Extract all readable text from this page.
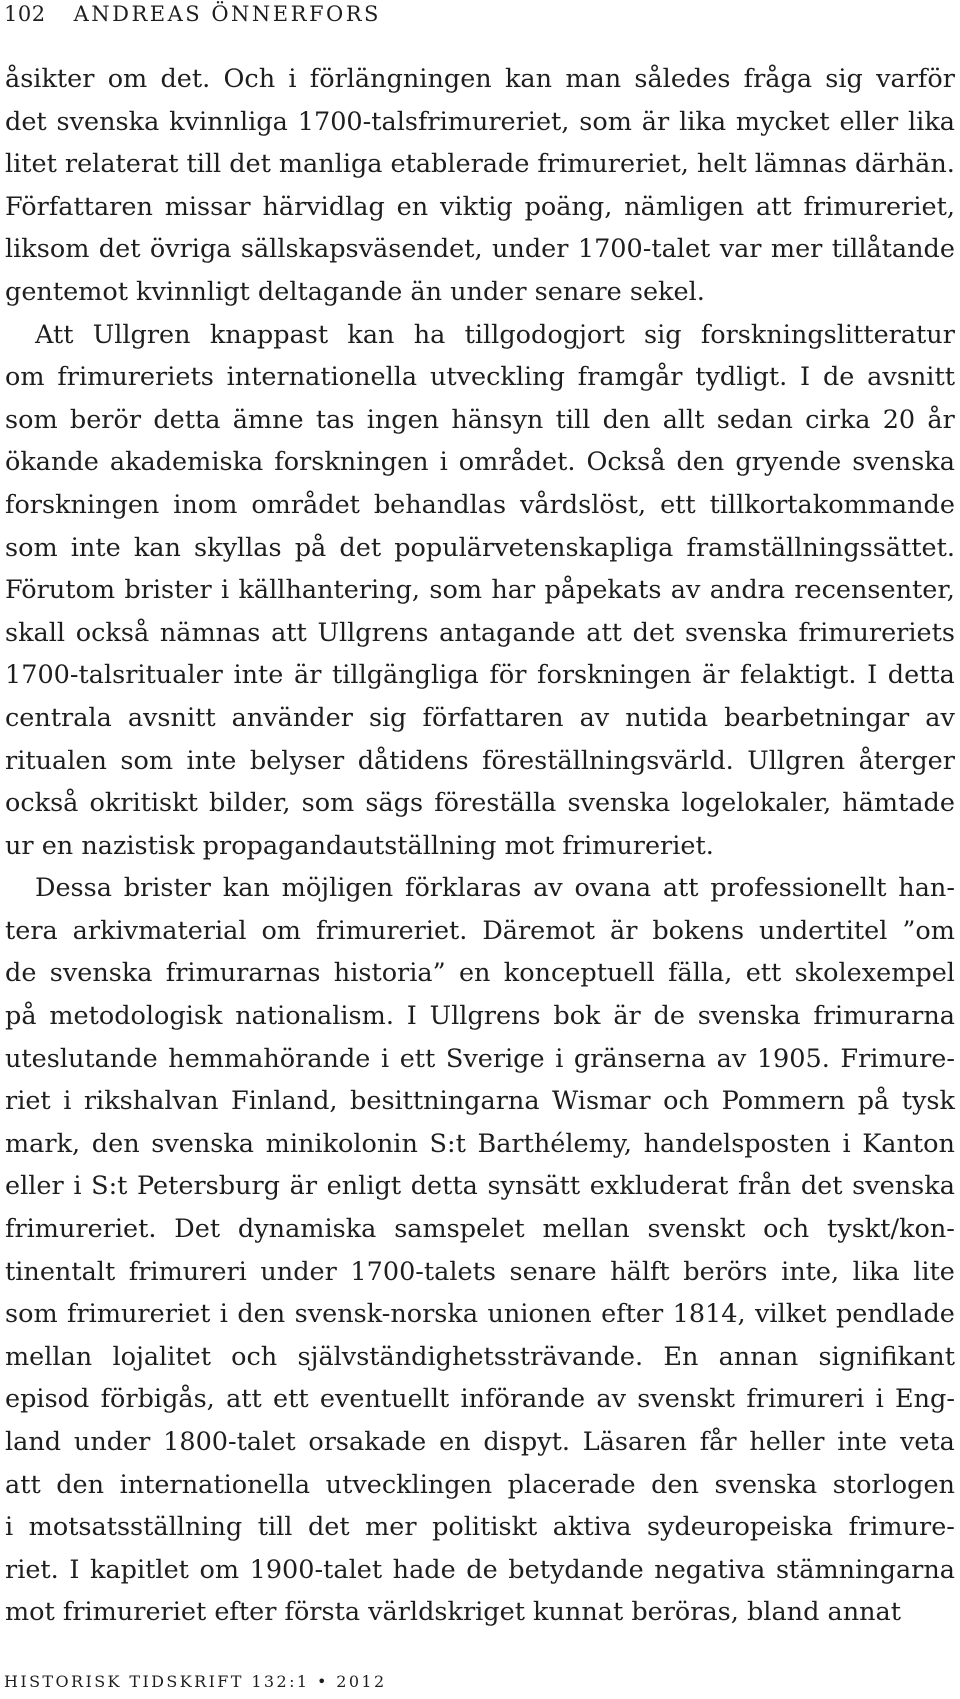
102 ANDREAS ÖNNERFORS
åsikter om det. Och i förlängningen kan man således fråga sig varför
det svenska kvinnliga 1700-talsfrimureriet, som är lika mycket eller lika
litet relaterat till det manliga etablerade frimureriet, helt lämnas därhän.
Författaren missar härvidlag en viktig poäng, nämligen att frimureriet,
liksom det övriga sällskapsväsendet, under 1700-talet var mer tillåtande
gentemot kvinnligt deltagande än under senare sekel.
Att Ullgren knappast kan ha tillgodogjort sig forskningslitteratur
om frimureriets internationella utveckling framgår tydligt. I de avsnitt
som berör detta ämne tas ingen hänsyn till den allt sedan cirka 20 år
ökande akademiska forskningen i området. Också den gryende svenska
forskningen inom området behandlas vårdslöst, ett tillkortakommande
som inte kan skyllas på det populärvetenskapliga framställningssättet.
Förutom brister i källhantering, som har påpekats av andra recensenter,
skall också nämnas att Ullgrens antagande att det svenska frimureriets
1700-talsritualer inte är tillgängliga för forskningen är felaktigt. I detta
centrala avsnitt använder sig författaren av nutida bearbetningar av
ritualen som inte belyser dåtidens föreställningsvärld. Ullgren återger
också okritiskt bilder, som sägs föreställa svenska logelokaler, hämtade
ur en nazistisk propagandautställning mot frimureriet.
Dessa brister kan möjligen förklaras av ovana att professionellt han-
tera arkivmaterial om frimureriet. Däremot är bokens undertitel ”om
de svenska frimurarnas historia” en konceptuell fälla, ett skolexempel
på metodologisk nationalism. I Ullgrens bok är de svenska frimurarna
uteslutande hemmahörande i ett Sverige i gränserna av 1905. Frimure-
riet i rikshalvan Finland, besittningarna Wismar och Pommern på tysk
mark, den svenska minikolonin S:t Barthélemy, handelsposten i Kanton
eller i S:t Petersburg är enligt detta synsätt exkluderat från det svenska
frimureriet. Det dynamiska samspelet mellan svenskt och tyskt/kon-
tinentalt frimureri under 1700-talets senare hälft berörs inte, lika lite
som frimureriet i den svensk-norska unionen efter 1814, vilket pendlade
mellan lojalitet och självständighetssträvande. En annan signifikant
episod förbigås, att ett eventuellt införande av svenskt frimureri i Eng-
land under 1800-talet orsakade en dispyt. Läsaren får heller inte veta
att den internationella utvecklingen placerade den svenska storlogen
i motsatsställning till det mer politiskt aktiva sydeuropeiska frimure-
riet. I kapitlet om 1900-talet hade de betydande negativa stämningarna
mot frimureriet efter första världskriget kunnat beröras, bland annat
HISTORISK TIDSKRIFT 132:1 • 2012
